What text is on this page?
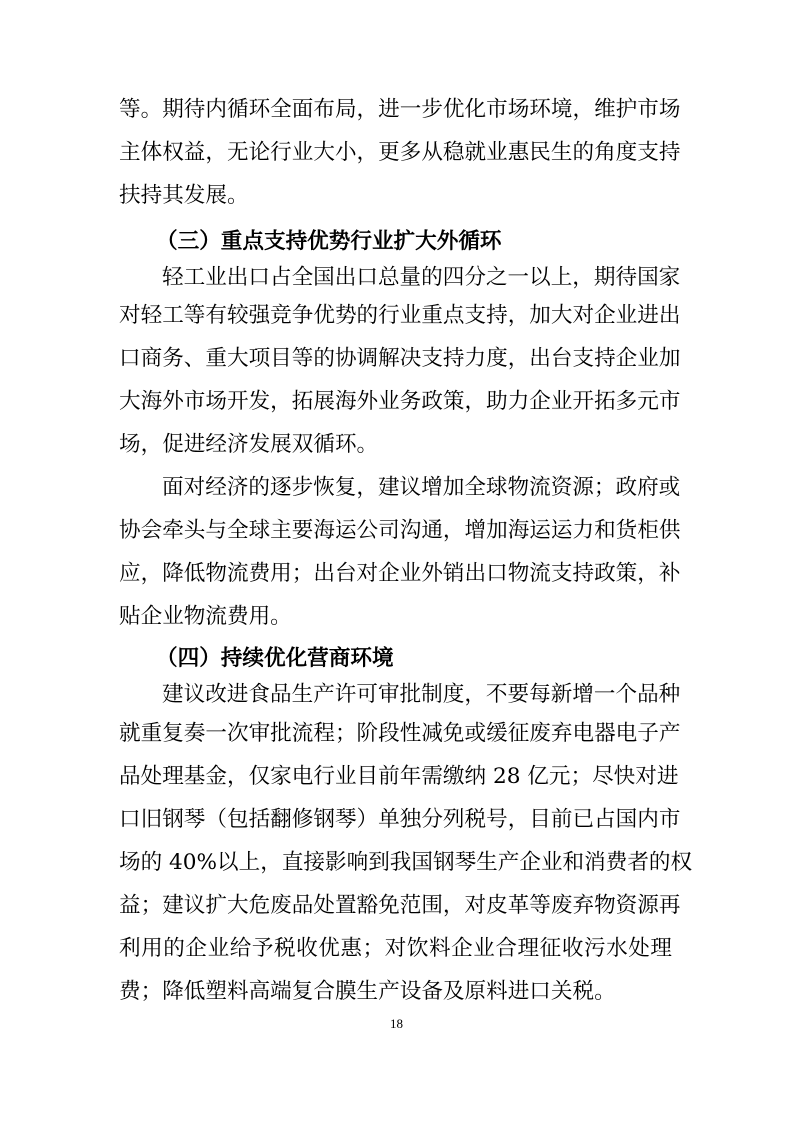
等。期待内循环全面布局，进一步优化市场环境，维护市场
主体权益，无论行业大小，更多从稳就业惠民生的角度支持
扶持其发展。
（三）重点支持优势行业扩大外循环
轻工业出口占全国出口总量的四分之一以上，期待国家
对轻工等有较强竞争优势的行业重点支持，加大对企业进出
口商务、重大项目等的协调解决支持力度，出台支持企业加
大海外市场开发，拓展海外业务政策，助力企业开拓多元市
场，促进经济发展双循环。
面对经济的逐步恢复，建议增加全球物流资源；政府或
协会牵头与全球主要海运公司沟通，增加海运运力和货柜供
应，降低物流费用；出台对企业外销出口物流支持政策，补
贴企业物流费用。
（四）持续优化营商环境
建议改进食品生产许可审批制度，不要每新增一个品种
就重复奏一次审批流程；阶段性减免或缓征废弃电器电子产
品处理基金，仅家电行业目前年需缴纳 28 亿元；尽快对进
口旧钢琴（包括翻修钢琴）单独分列税号，目前已占国内市
场的 40%以上，直接影响到我国钢琴生产企业和消费者的权
益；建议扩大危废品处置豁免范围，对皮革等废弃物资源再
利用的企业给予税收优惠；对饮料企业合理征收污水处理
费；降低塑料高端复合膜生产设备及原料进口关税。
18
